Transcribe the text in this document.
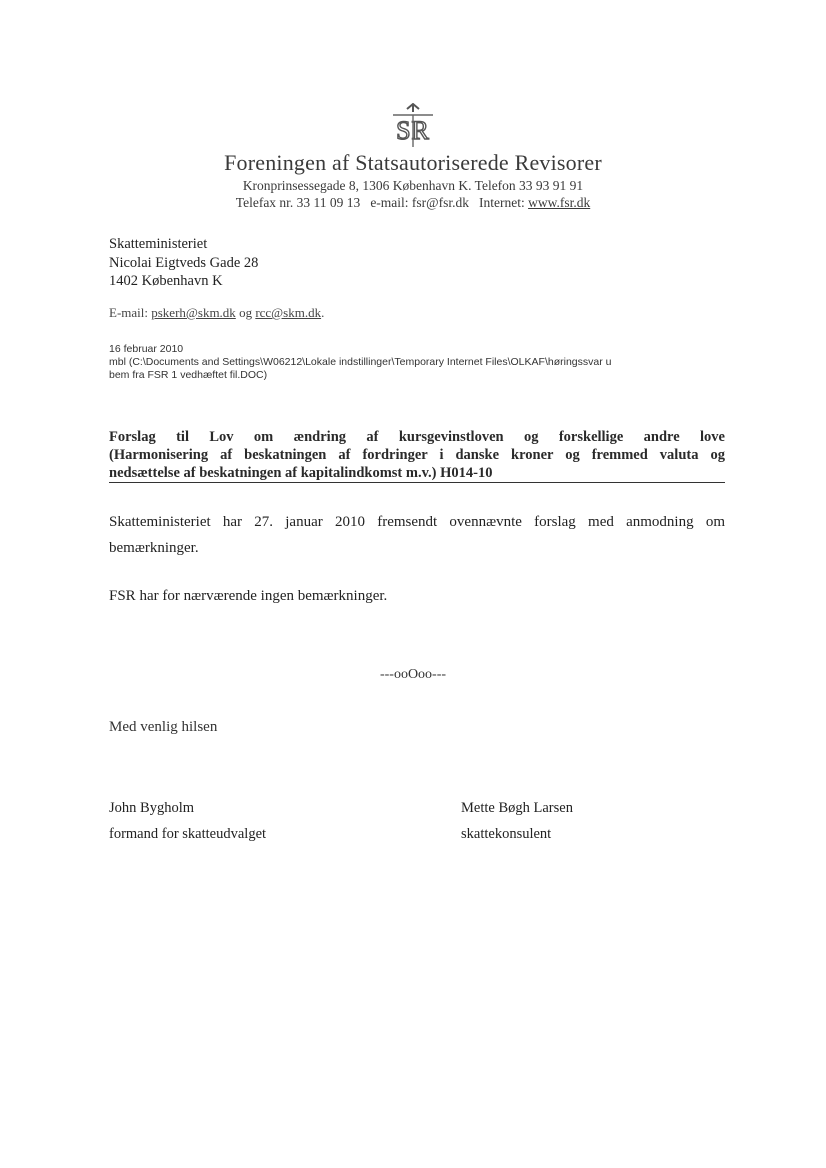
SR
Foreningen af Statsautoriserede Revisorer
Kronprinsessegade 8, 1306 København K. Telefon 33 93 91 91
Telefax nr. 33 11 09 13 e-mail: fsr@fsr.dk Internet: www.fsr.dk
Skatteministeriet
Nicolai Eigtveds Gade 28
1402 København K
E-mail: pskerh@skm.dk og rcc@skm.dk.
16 februar 2010
mbl (C:\Documents and Settings\W06212\Lokale indstillinger\Temporary Internet Files\OLKAF\høringssvar u
bem fra FSR 1 vedhæftet fil.DOC)
Forslag til Lov om ændring af kursgevinstloven og forskellige andre love
(Harmonisering af beskatningen af fordringer i danske kroner og fremmed valuta og
nedsættelse af beskatningen af kapitalindkomst m.v.) H014-10
Skatteministeriet har 27. januar 2010 fremsendt ovennævnte forslag med anmodning om bemærkninger.
FSR har for nærværende ingen bemærkninger.
---ooOoo---
Med venlig hilsen
John Bygholm
formand for skatteudvalget
Mette Bøgh Larsen
skattekonsulent
